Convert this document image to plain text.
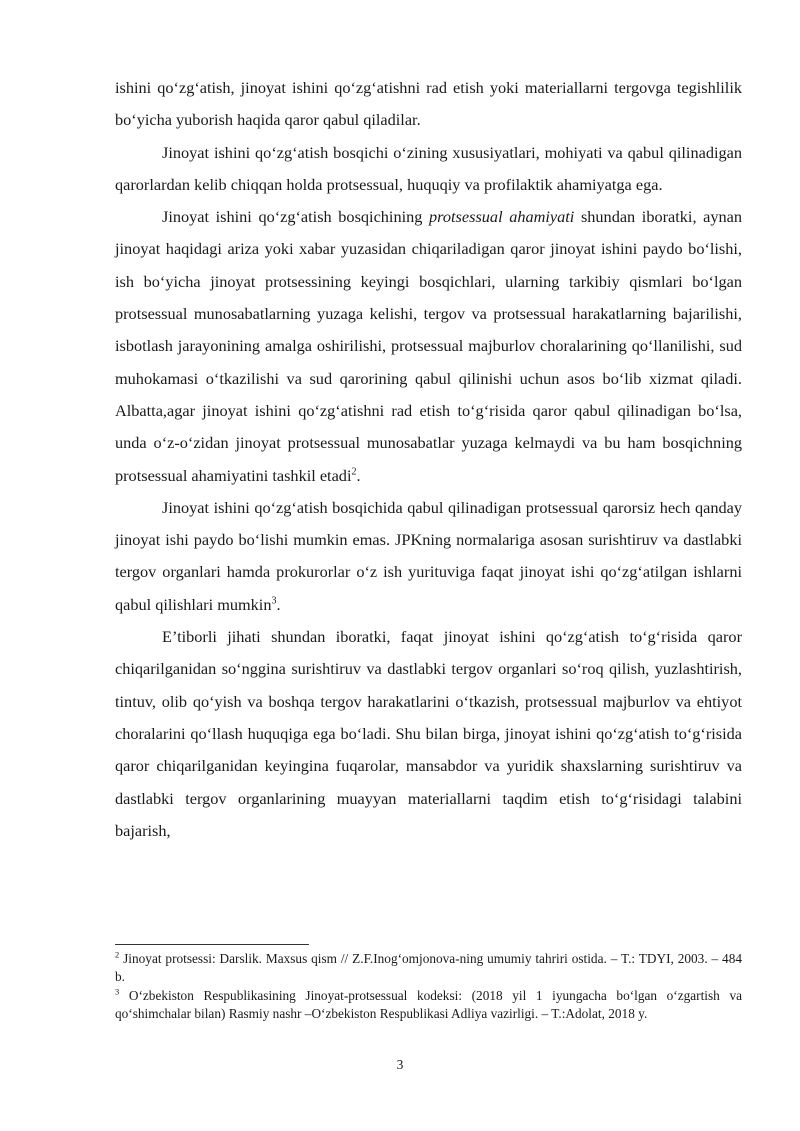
ishini qo‘zg‘atish, jinoyat ishini qo‘zg‘atishni rad etish yoki materiallarni tergovga tegishlilik bo‘yicha yuborish haqida qaror qabul qiladilar.

Jinoyat ishini qo‘zg‘atish bosqichi o‘zining xususiyatlari, mohiyati va qabul qilinadigan qarorlardan kelib chiqqan holda protsessual, huquqiy va profilaktik ahamiyatga ega.

Jinoyat ishini qo‘zg‘atish bosqichining protsessual ahamiyati shundan iboratki, aynan jinoyat haqidagi ariza yoki xabar yuzasidan chiqariladigan qaror jinoyat ishini paydo bo‘lishi, ish bo‘yicha jinoyat protsessining keyingi bosqichlari, ularning tarkibiy qismlari bo‘lgan protsessual munosabatlarning yuzaga kelishi, tergov va protsessual harakatlarning bajarilishi, isbotlash jarayonining amalga oshirilishi, protsessual majburlov choralarining qo‘llanilishi, sud muhokamasi o‘tkazilishi va sud qarorining qabul qilinishi uchun asos bo‘lib xizmat qiladi. Albatta,agar jinoyat ishini qo‘zg‘atishni rad etish to‘g‘risida qaror qabul qilinadigan bo‘lsa, unda o‘z-o‘zidan jinoyat protsessual munosabatlar yuzaga kelmaydi va bu ham bosqichning protsessual ahamiyatini tashkil etadi$^2$.

Jinoyat ishini qo‘zg‘atish bosqichida qabul qilinadigan protsessual qarorsiz hech qanday jinoyat ishi paydo bo‘lishi mumkin emas. JPKning normalariga asosan surishtiruv va dastlabki tergov organlari hamda prokurorlar o‘z ish yurituviga faqat jinoyat ishi qo‘zg‘atilgan ishlarni qabul qilishlari mumkin$^3$.

E’tiborli jihati shundan iboratki, faqat jinoyat ishini qo‘zg‘atish to‘g‘risida qaror chiqarilganidan so‘nggina surishtiruv va dastlabki tergov organlari so‘roq qilish, yuzlashtirish, tintuv, olib qo‘yish va boshqa tergov harakatlarini o‘tkazish, protsessual majburlov va ehtiyot choralarini qo‘llash huquqiga ega bo‘ladi. Shu bilan birga, jinoyat ishini qo‘zg‘atish to‘g‘risida qaror chiqarilganidan keyingina fuqarolar, mansabdor va yuridik shaxslarning surishtiruv va dastlabki tergov organlarining muayyan materiallarni taqdim etish to‘g‘risidagi talabini bajarish,

$^2$ Jinoyat protsessi: Darslik. Maxsus qism // Z.F.Inog‘omjonova-ning umumiy tahriri ostida. – T.: TDYI, 2003. – 484 b.

$^3$ O‘zbekiston Respublikasining Jinoyat-protsessual kodeksi: (2018 yil 1 iyungacha bo‘lgan o‘zgartish va qo‘shimchalar bilan) Rasmiy nashr –O‘zbekiston Respublikasi Adliya vazirligi. – T.:Adolat, 2018 y.

3
